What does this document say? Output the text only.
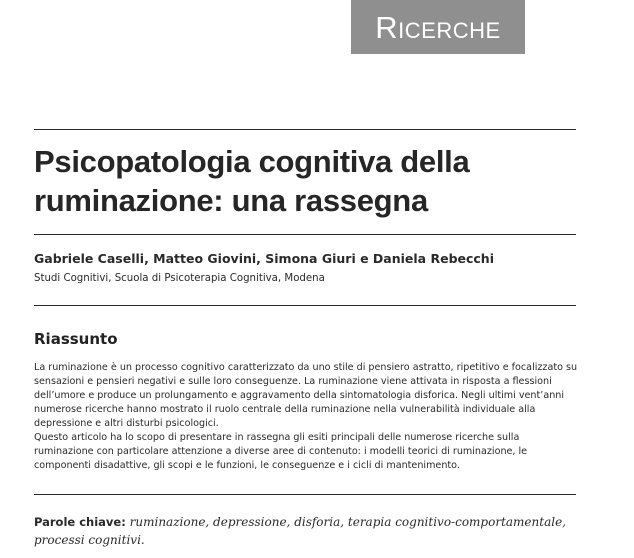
Ricerche
Psicopatologia cognitiva della
ruminazione: una rassegna

Gabriele Caselli, Matteo Giovini, Simona Giuri e Daniela Rebecchi

Studi Cognitivi, Scuola di Psicoterapia Cognitiva, Modena

Riassunto

La ruminazione è un processo cognitivo caratterizzato da uno stile di pensiero astratto, ripetitivo e focalizzato su sensazioni e pensieri negativi e sulle loro conseguenze. La ruminazione viene attivata in risposta a flessioni dell’umore e produce un prolungamento e aggravamento della sintomatologia disforica. Negli ultimi vent’anni numerose ricerche hanno mostrato il ruolo centrale della ruminazione nella vulnerabilità individuale alla depressione e altri disturbi psicologici.

Questo articolo ha lo scopo di presentare in rassegna gli esiti principali delle numerose ricerche sulla ruminazione con particolare attenzione a diverse aree di contenuto: i modelli teorici di ruminazione, le componenti disadattive, gli scopi e le funzioni, le conseguenze e i cicli di mantenimento.

Parole chiave: ruminazione, depressione, disforia, terapia cognitivo-comportamentale, processi cognitivi.
